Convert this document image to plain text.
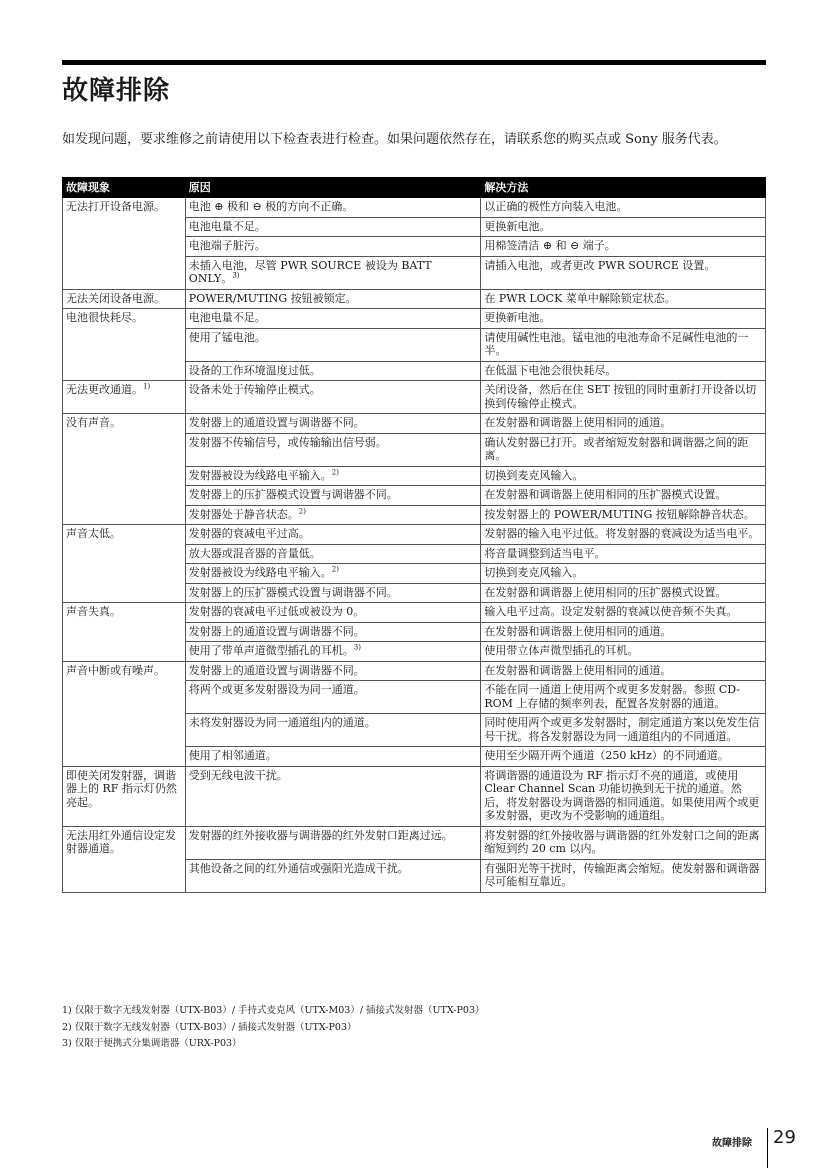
故障排除
如发现问题，要求维修之前请使用以下检查表进行检查。如果问题依然存在，请联系您的购买点或 Sony 服务代表。
故障现象	原因	解决方法
无法打开设备电源。	电池 ⊕ 极和 ⊖ 极的方向不正确。	以正确的极性方向装入电池。
	电池电量不足。	更换新电池。
	电池端子脏污。	用棉签清洁 ⊕ 和 ⊖ 端子。
	未插入电池，尽管 PWR SOURCE 被设为 BATT ONLY。$^{3)}$	请插入电池，或者更改 PWR SOURCE 设置。
无法关闭设备电源。	POWER/MUTING 按钮被锁定。	在 PWR LOCK 菜单中解除锁定状态。
电池很快耗尽。	电池电量不足。	更换新电池。
	使用了锰电池。	请使用碱性电池。锰电池的电池寿命不足碱性电池的一半。
	设备的工作环境温度过低。	在低温下电池会很快耗尽。
无法更改通道。$^{1)}$	设备未处于传输停止模式。	关闭设备，然后在住 SET 按钮的同时重新打开设备以切换到传输停止模式。
没有声音。	发射器上的通道设置与调谐器不同。	在发射器和调谐器上使用相同的通道。
	发射器不传输信号，或传输输出信号弱。	确认发射器已打开。或者缩短发射器和调谐器之间的距离。
	发射器被设为线路电平输入。$^{2)}$	切换到麦克风输入。
	发射器上的压扩器模式设置与调谐器不同。	在发射器和调谐器上使用相同的压扩器模式设置。
	发射器处于静音状态。$^{2)}$	按发射器上的 POWER/MUTING 按钮解除静音状态。
声音太低。	发射器的衰减电平过高。	发射器的输入电平过低。将发射器的衰减设为适当电平。
	放大器或混音器的音量低。	将音量调整到适当电平。
	发射器被设为线路电平输入。$^{2)}$	切换到麦克风输入。
	发射器上的压扩器模式设置与调谐器不同。	在发射器和调谐器上使用相同的压扩器模式设置。
声音失真。	发射器的衰减电平过低或被设为 0。	输入电平过高。设定发射器的衰减以使音频不失真。
	发射器上的通道设置与调谐器不同。	在发射器和调谐器上使用相同的通道。
	使用了带单声道微型插孔的耳机。$^{3)}$	使用带立体声微型插孔的耳机。
声音中断或有噪声。	发射器上的通道设置与调谐器不同。	在发射器和调谐器上使用相同的通道。
	将两个或更多发射器设为同一通道。	不能在同一通道上使用两个或更多发射器。参照 CD-ROM 上存储的频率列表，配置各发射器的通道。
	未将发射器设为同一通道组内的通道。	同时使用两个或更多发射器时，制定通道方案以免发生信号干扰。将各发射器设为同一通道组内的不同通道。
	使用了相邻通道。	使用至少隔开两个通道（250 kHz）的不同通道。
即使关闭发射器，调谐器上的 RF 指示灯仍然亮起。	受到无线电波干扰。	将调谐器的通道设为 RF 指示灯不亮的通道，或使用 Clear Channel Scan 功能切换到无干扰的通道。然后，将发射器设为调谐器的相同通道。如果使用两个或更多发射器，更改为不受影响的通道组。
无法用红外通信设定发射器通道。	发射器的红外接收器与调谐器的红外发射口距离过远。	将发射器的红外接收器与调谐器的红外发射口之间的距离缩短到约 20 cm 以内。
	其他设备之间的红外通信或强阳光造成干扰。	有强阳光等干扰时，传输距离会缩短。使发射器和调谐器尽可能相互靠近。
1) 仅限于数字无线发射器（UTX-B03）/ 手持式麦克风（UTX-M03）/ 插接式发射器（UTX-P03）
2) 仅限于数字无线发射器（UTX-B03）/ 插接式发射器（UTX-P03）
3) 仅限于便携式分集调谐器（URX-P03）
故障排除 29
